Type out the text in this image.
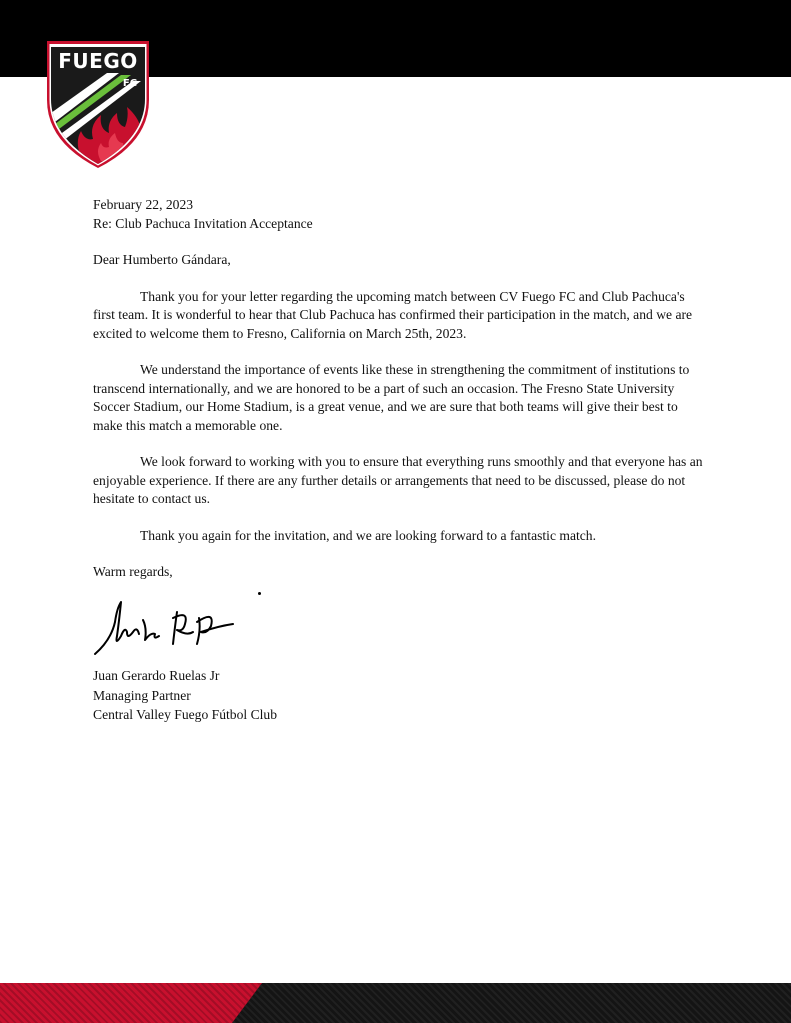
FUEGO
FC

February 22, 2023

Re: Club Pachuca Invitation Acceptance

Dear Humberto Gándara,

Thank you for your letter regarding the upcoming match between CV Fuego FC and Club Pachuca's first team. It is wonderful to hear that Club Pachuca has confirmed their participation in the match, and we are excited to welcome them to Fresno, California on March 25th, 2023.

We understand the importance of events like these in strengthening the commitment of institutions to transcend internationally, and we are honored to be a part of such an occasion. The Fresno State University Soccer Stadium, our Home Stadium, is a great venue, and we are sure that both teams will give their best to make this match a memorable one.

We look forward to working with you to ensure that everything runs smoothly and that everyone has an enjoyable experience. If there are any further details or arrangements that need to be discussed, please do not hesitate to contact us.

Thank you again for the invitation, and we are looking forward to a fantastic match.

Warm regards,

Juan Gerardo Ruelas Jr
Managing Partner
Central Valley Fuego Fútbol Club
